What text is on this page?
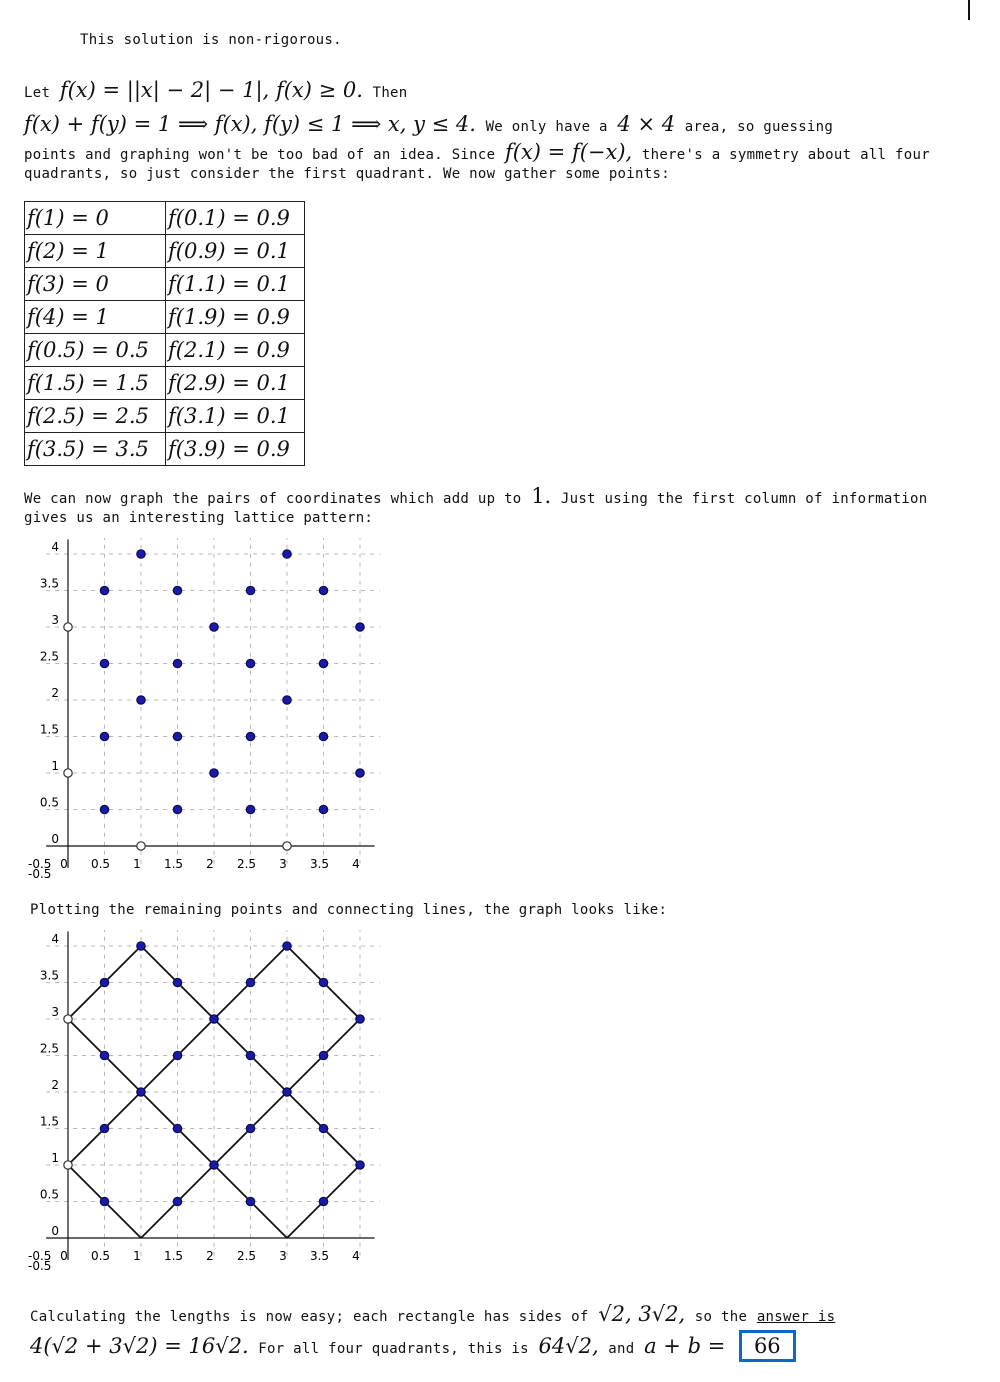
This solution is non-rigorous.
Let f(x) = ||x| − 2| − 1|, f(x) ≥ 0. Then
f(x) + f(y) = 1 ⟹ f(x), f(y) ≤ 1 ⟹ x, y ≤ 4. We only have a 4 × 4 area, so guessing
points and graphing won't be too bad of an idea. Since f(x) = f(−x), there's a symmetry about all four
quadrants, so just consider the first quadrant. We now gather some points:
f(1) = 0	f(0.1) = 0.9
f(2) = 1	f(0.9) = 0.1
f(3) = 0	f(1.1) = 0.1
f(4) = 1	f(1.9) = 0.9
f(0.5) = 0.5	f(2.1) = 0.9
f(1.5) = 1.5	f(2.9) = 0.1
f(2.5) = 2.5	f(3.1) = 0.1
f(3.5) = 3.5	f(3.9) = 0.9
We can now graph the pairs of coordinates which add up to 1. Just using the first column of information
gives us an interesting lattice pattern:
-0.5
0
0.5
1
1.5
2
2.5
3
3.5
4
-0.5 0 0.5 1 1.5 2 2.5 3 3.5 4
Plotting the remaining points and connecting lines, the graph looks like:
-0.5
0
0.5
1
1.5
2
2.5
3
3.5
4
-0.5 0 0.5 1 1.5 2 2.5 3 3.5 4
Calculating the lengths is now easy; each rectangle has sides of √2, 3√2, so the answer is
4(√2 + 3√2) = 16√2. For all four quadrants, this is 64√2, and a + b = 66
